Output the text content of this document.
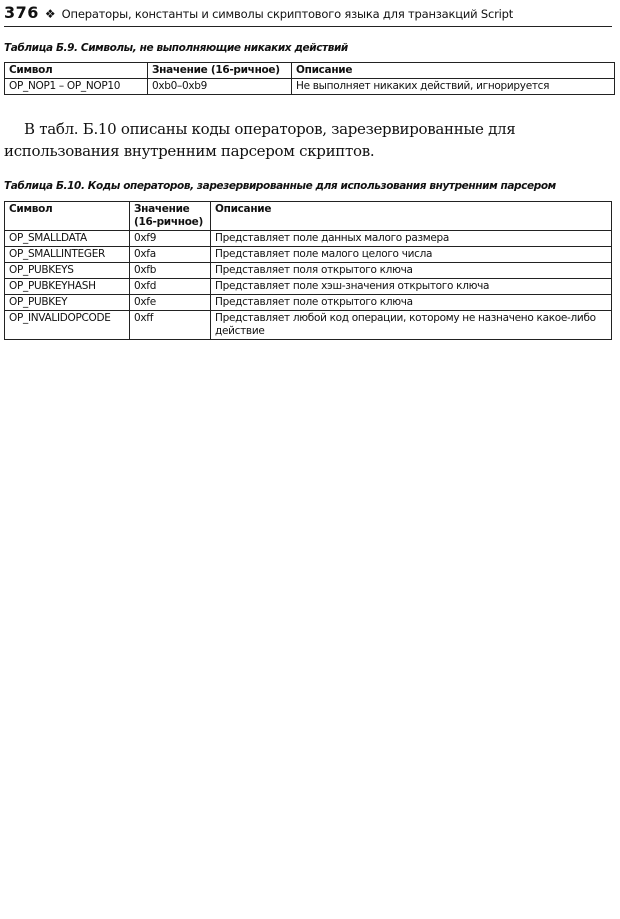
376 ❖ Операторы, константы и символы скриптового языка для транзакций Script
Таблица Б.9. Символы, не выполняющие никаких действий
Символ	Значение (16-ричное)	Описание
OP_NOP1 – OP_NOP10	0xb0–0xb9	Не выполняет никаких действий, игнорируется
В табл. Б.10 описаны коды операторов, зарезервированные для использования внутренним парсером скриптов.
Таблица Б.10. Коды операторов, зарезервированные для использования внутренним парсером
Символ	Значение (16-ричное)	Описание
OP_SMALLDATA	0xf9	Представляет поле данных малого размера
OP_SMALLINTEGER	0xfa	Представляет поле малого целого числа
OP_PUBKEYS	0xfb	Представляет поля открытого ключа
OP_PUBKEYHASH	0xfd	Представляет поле хэш-значения открытого ключа
OP_PUBKEY	0xfe	Представляет поле открытого ключа
OP_INVALIDOPCODE	0xff	Представляет любой код операции, которому не назначено какое-либо действие
